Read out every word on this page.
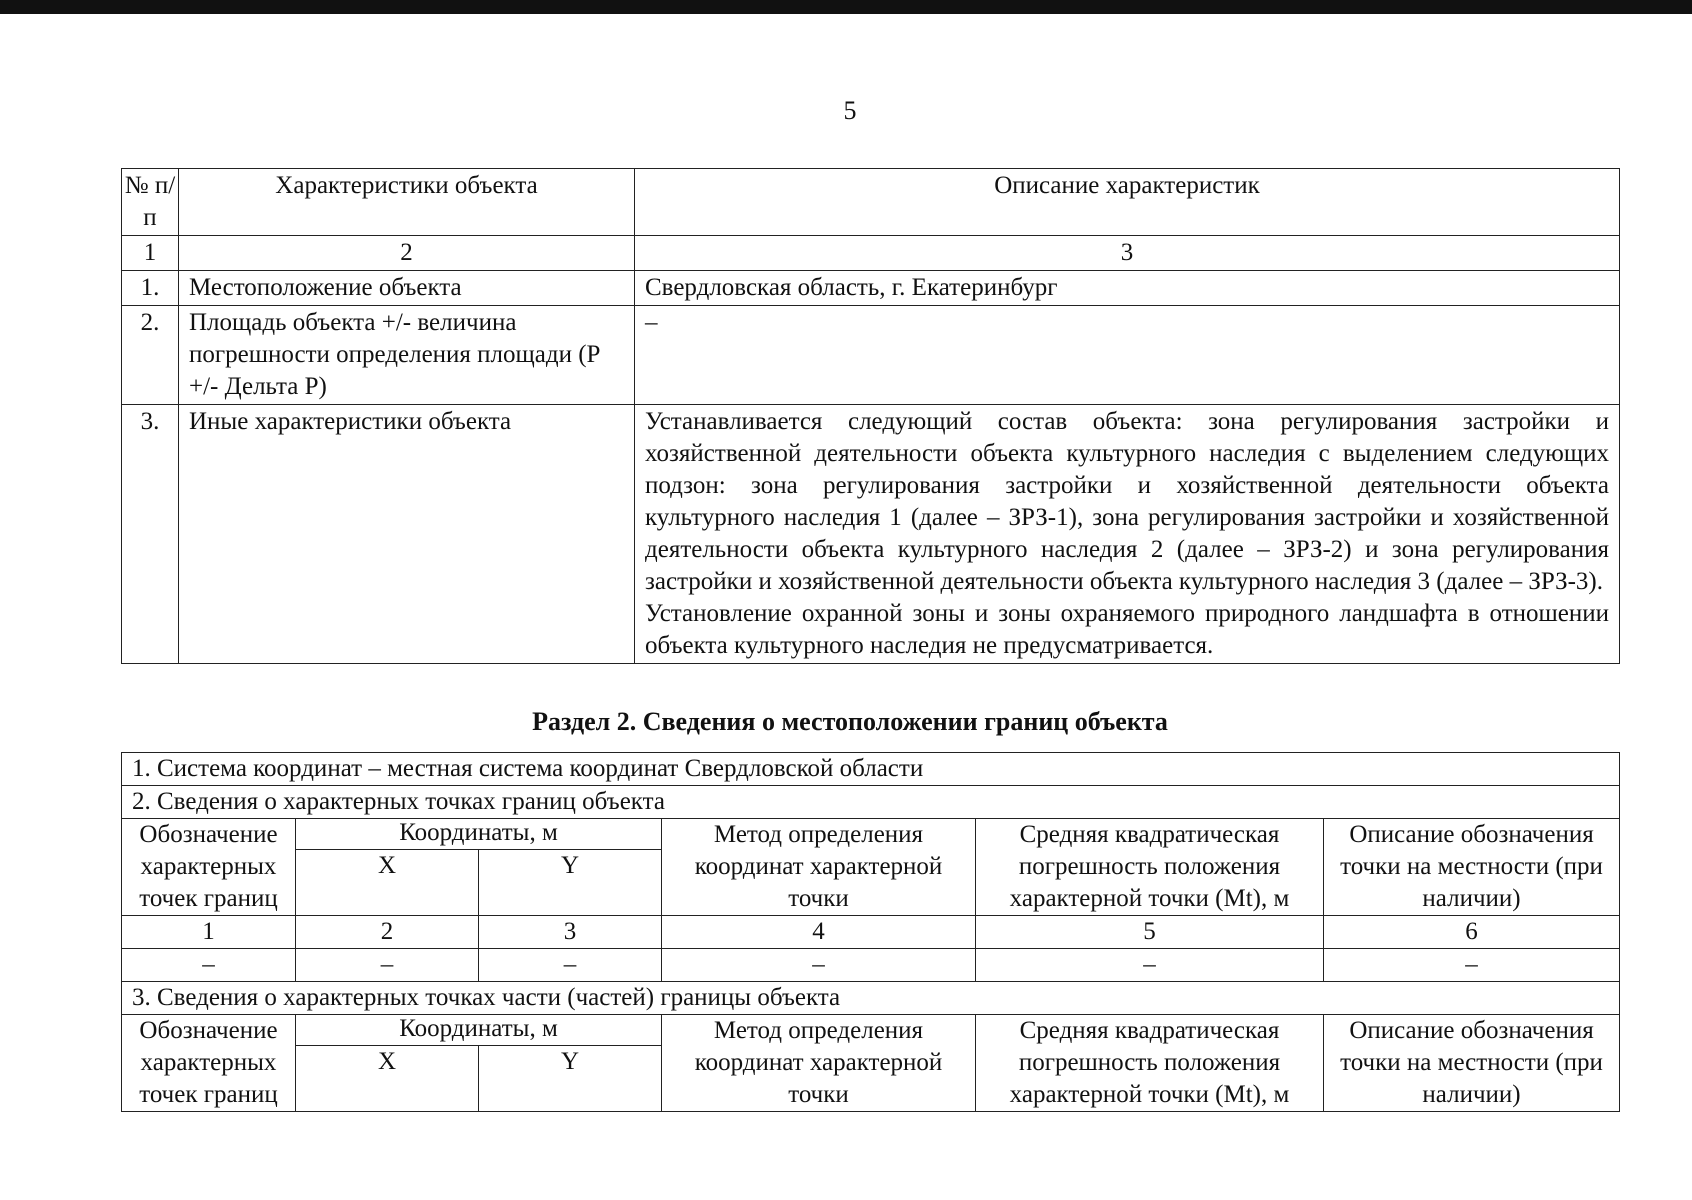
5
№ п/п	Характеристики объекта	Описание характеристик
1	2	3
1.	Местоположение объекта	Свердловская область, г. Екатеринбург
2.	Площадь объекта +/- величина погрешности определения площади (Р +/- Дельта Р)	–
3.	Иные характеристики объекта	Устанавливается следующий состав объекта: зона регулирования застройки и хозяйственной деятельности объекта культурного наследия с выделением следующих подзон: зона регулирования застройки и хозяйственной деятельности объекта культурного наследия 1 (далее – ЗРЗ-1), зона регулирования застройки и хозяйственной деятельности объекта культурного наследия 2 (далее – ЗРЗ-2) и зона регулирования застройки и хозяйственной деятельности объекта культурного наследия 3 (далее – ЗРЗ-3).
Установление охранной зоны и зоны охраняемого природного ландшафта в отношении объекта культурного наследия не предусматривается.
Раздел 2. Сведения о местоположении границ объекта
1. Система координат – местная система координат Свердловской области					
2. Сведения о характерных точках границ объекта					
Обозначение характерных точек границ	Координаты, м		Метод определения координат характерной точки	Средняя квадратическая погрешность положения характерной точки (Mt), м	Описание обозначения точки на местности (при наличии)
	X	Y			
1	2	3	4	5	6
–	–	–	–	–	–
3. Сведения о характерных точках части (частей) границы объекта					
Обозначение характерных точек границ	Координаты, м		Метод определения координат характерной точки	Средняя квадратическая погрешность положения характерной точки (Mt), м	Описание обозначения точки на местности (при наличии)
	X	Y			
